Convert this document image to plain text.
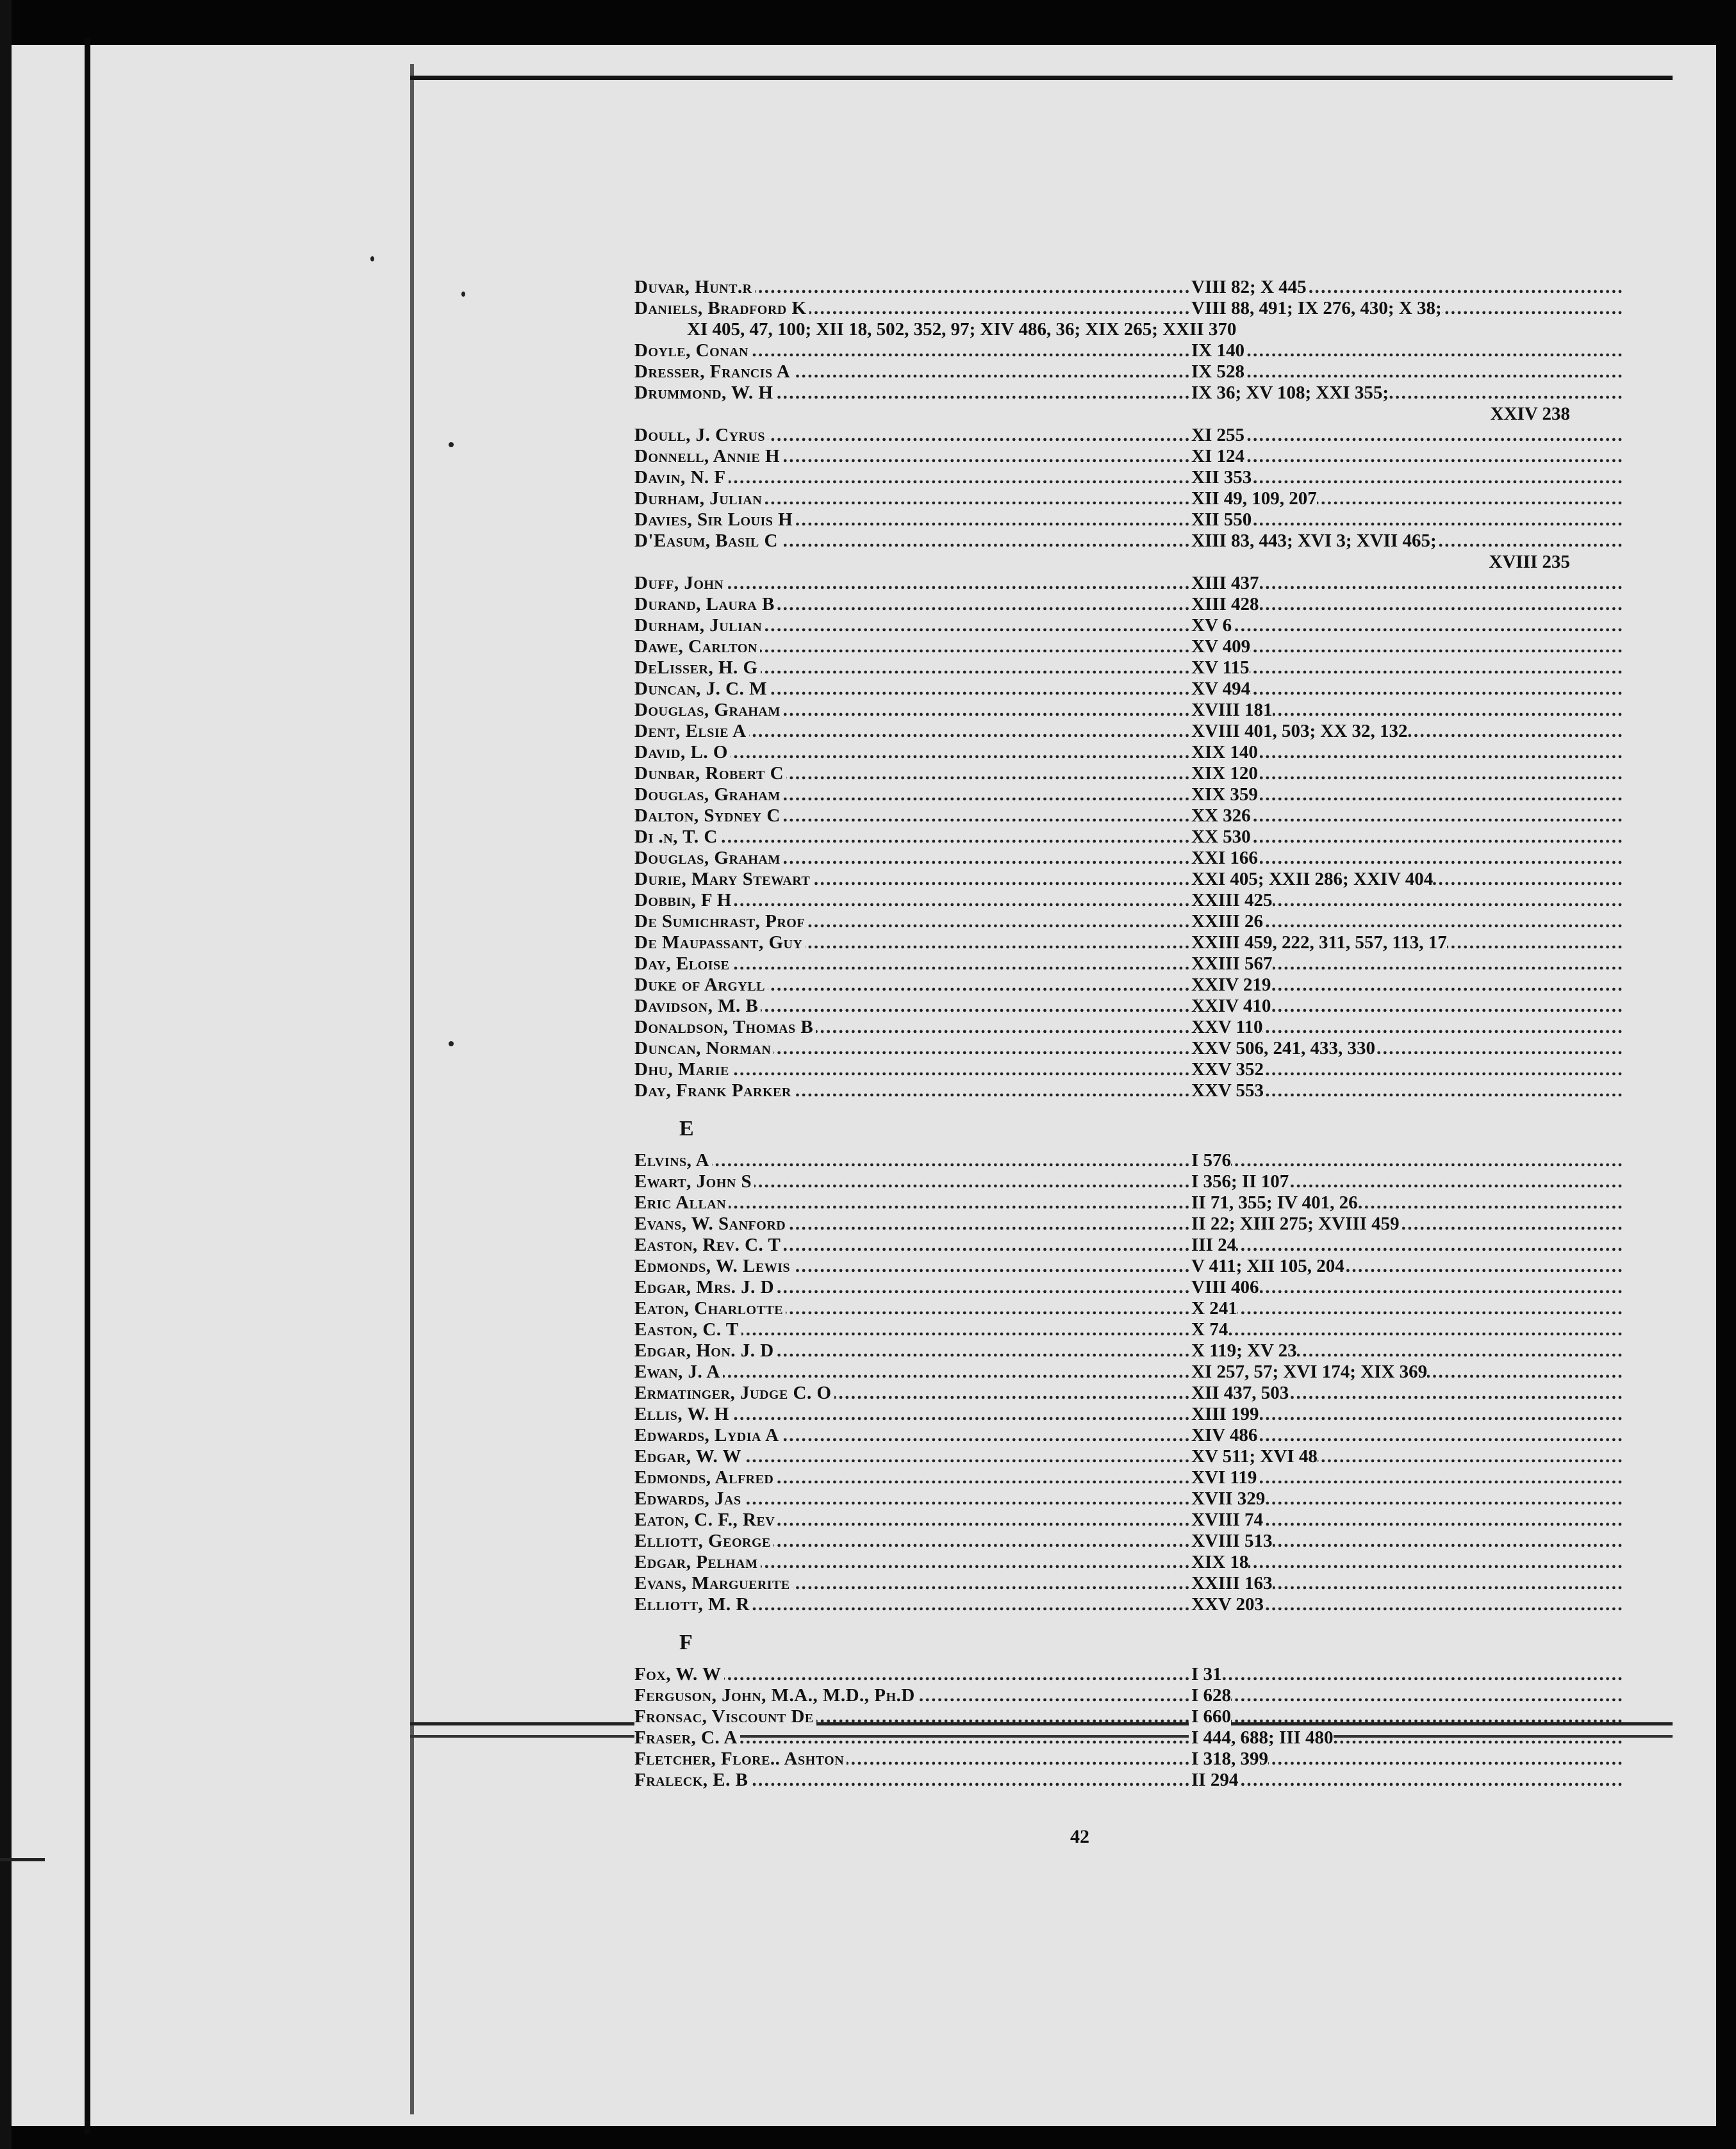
.....
Duvar, Hunt.r	VIII 82; X 445
.....
Daniels, Bradford K	VIII 88, 491; IX 276, 430; X 38;
XI 405, 47, 100; XII 18, 502, 352, 97; XIV 486, 36; XIX 265; XXII 370
.....
Doyle, Conan	IX 140
.....
Dresser, Francis A	IX 528
.....
Drummond, W. H	IX 36; XV 108; XXI 355;
XXIV 238
.....
Doull, J. Cyrus	XI 255
.....
Donnell, Annie H	XI 124
.....
Davin, N. F	XII 353
.....
Durham, Julian	XII 49, 109, 207
.....
Davies, Sir Louis H	XII 550
.....
D'Easum, Basil C	XIII 83, 443; XVI 3; XVII 465;
XVIII 235
.....
Duff, John	XIII 437
.....
Durand, Laura B	XIII 428
.....
Durham, Julian	XV 6
.....
Dawe, Carlton	XV 409
.....
DeLisser, H. G	XV 115
.....
Duncan, J. C. M	XV 494
.....
Douglas, Graham	XVIII 181
.....
Dent, Elsie A	XVIII 401, 503; XX 32, 132
.....
David, L. O	XIX 140
.....
Dunbar, Robert C	XIX 120
.....
Douglas, Graham	XIX 359
.....
Dalton, Sydney C	XX 326
.....
Di .n, T. C	XX 530
.....
Douglas, Graham	XXI 166
.....
Durie, Mary Stewart	XXI 405; XXII 286; XXIV 404
.....
Dobbin, F H	XXIII 425
.....
De Sumichrast, Prof	XXIII 26
.....
De Maupassant, Guy	XXIII 459, 222, 311, 557, 113, 17
.....
Day, Eloise	XXIII 567
.....
Duke of Argyll	XXIV 219
.....
Davidson, M. B	XXIV 410
.....
Donaldson, Thomas B	XXV 110
.....
Duncan, Norman	XXV 506, 241, 433, 330
.....
Dhu, Marie	XXV 352
.....
Day, Frank Parker	XXV 553
E
.....
Elvins, A	I 576
.....
Ewart, John S	I 356; II 107
.....
Eric Allan	II 71, 355; IV 401, 26
.....
Evans, W. Sanford	II 22; XIII 275; XVIII 459
.....
Easton, Rev. C. T	III 24
.....
Edmonds, W. Lewis	V 411; XII 105, 204
.....
Edgar, Mrs. J. D	VIII 406
.....
Eaton, Charlotte	X 241
.....
Easton, C. T	X 74
.....
Edgar, Hon. J. D	X 119; XV 23
.....
Ewan, J. A	XI 257, 57; XVI 174; XIX 369
.....
Ermatinger, Judge C. O	XII 437, 503
.....
Ellis, W. H	XIII 199
.....
Edwards, Lydia A	XIV 486
.....
Edgar, W. W	XV 511; XVI 48
.....
Edmonds, Alfred	XVI 119
.....
Edwards, Jas	XVII 329
.....
Eaton, C. F., Rev	XVIII 74
.....
Elliott, George	XVIII 513
.....
Edgar, Pelham	XIX 18
.....
Evans, Marguerite	XXIII 163
.....
Elliott, M. R	XXV 203
F
.....
Fox, W. W	I 31
.....
Ferguson, John, M.A., M.D., Ph.D	I 628
.....
Fronsac, Viscount De	I 660
.....
Fraser, C. A	I 444, 688; III 480
.....
Fletcher, Flore.. Ashton	I 318, 399
.....
Fraleck, E. B	II 294
42
